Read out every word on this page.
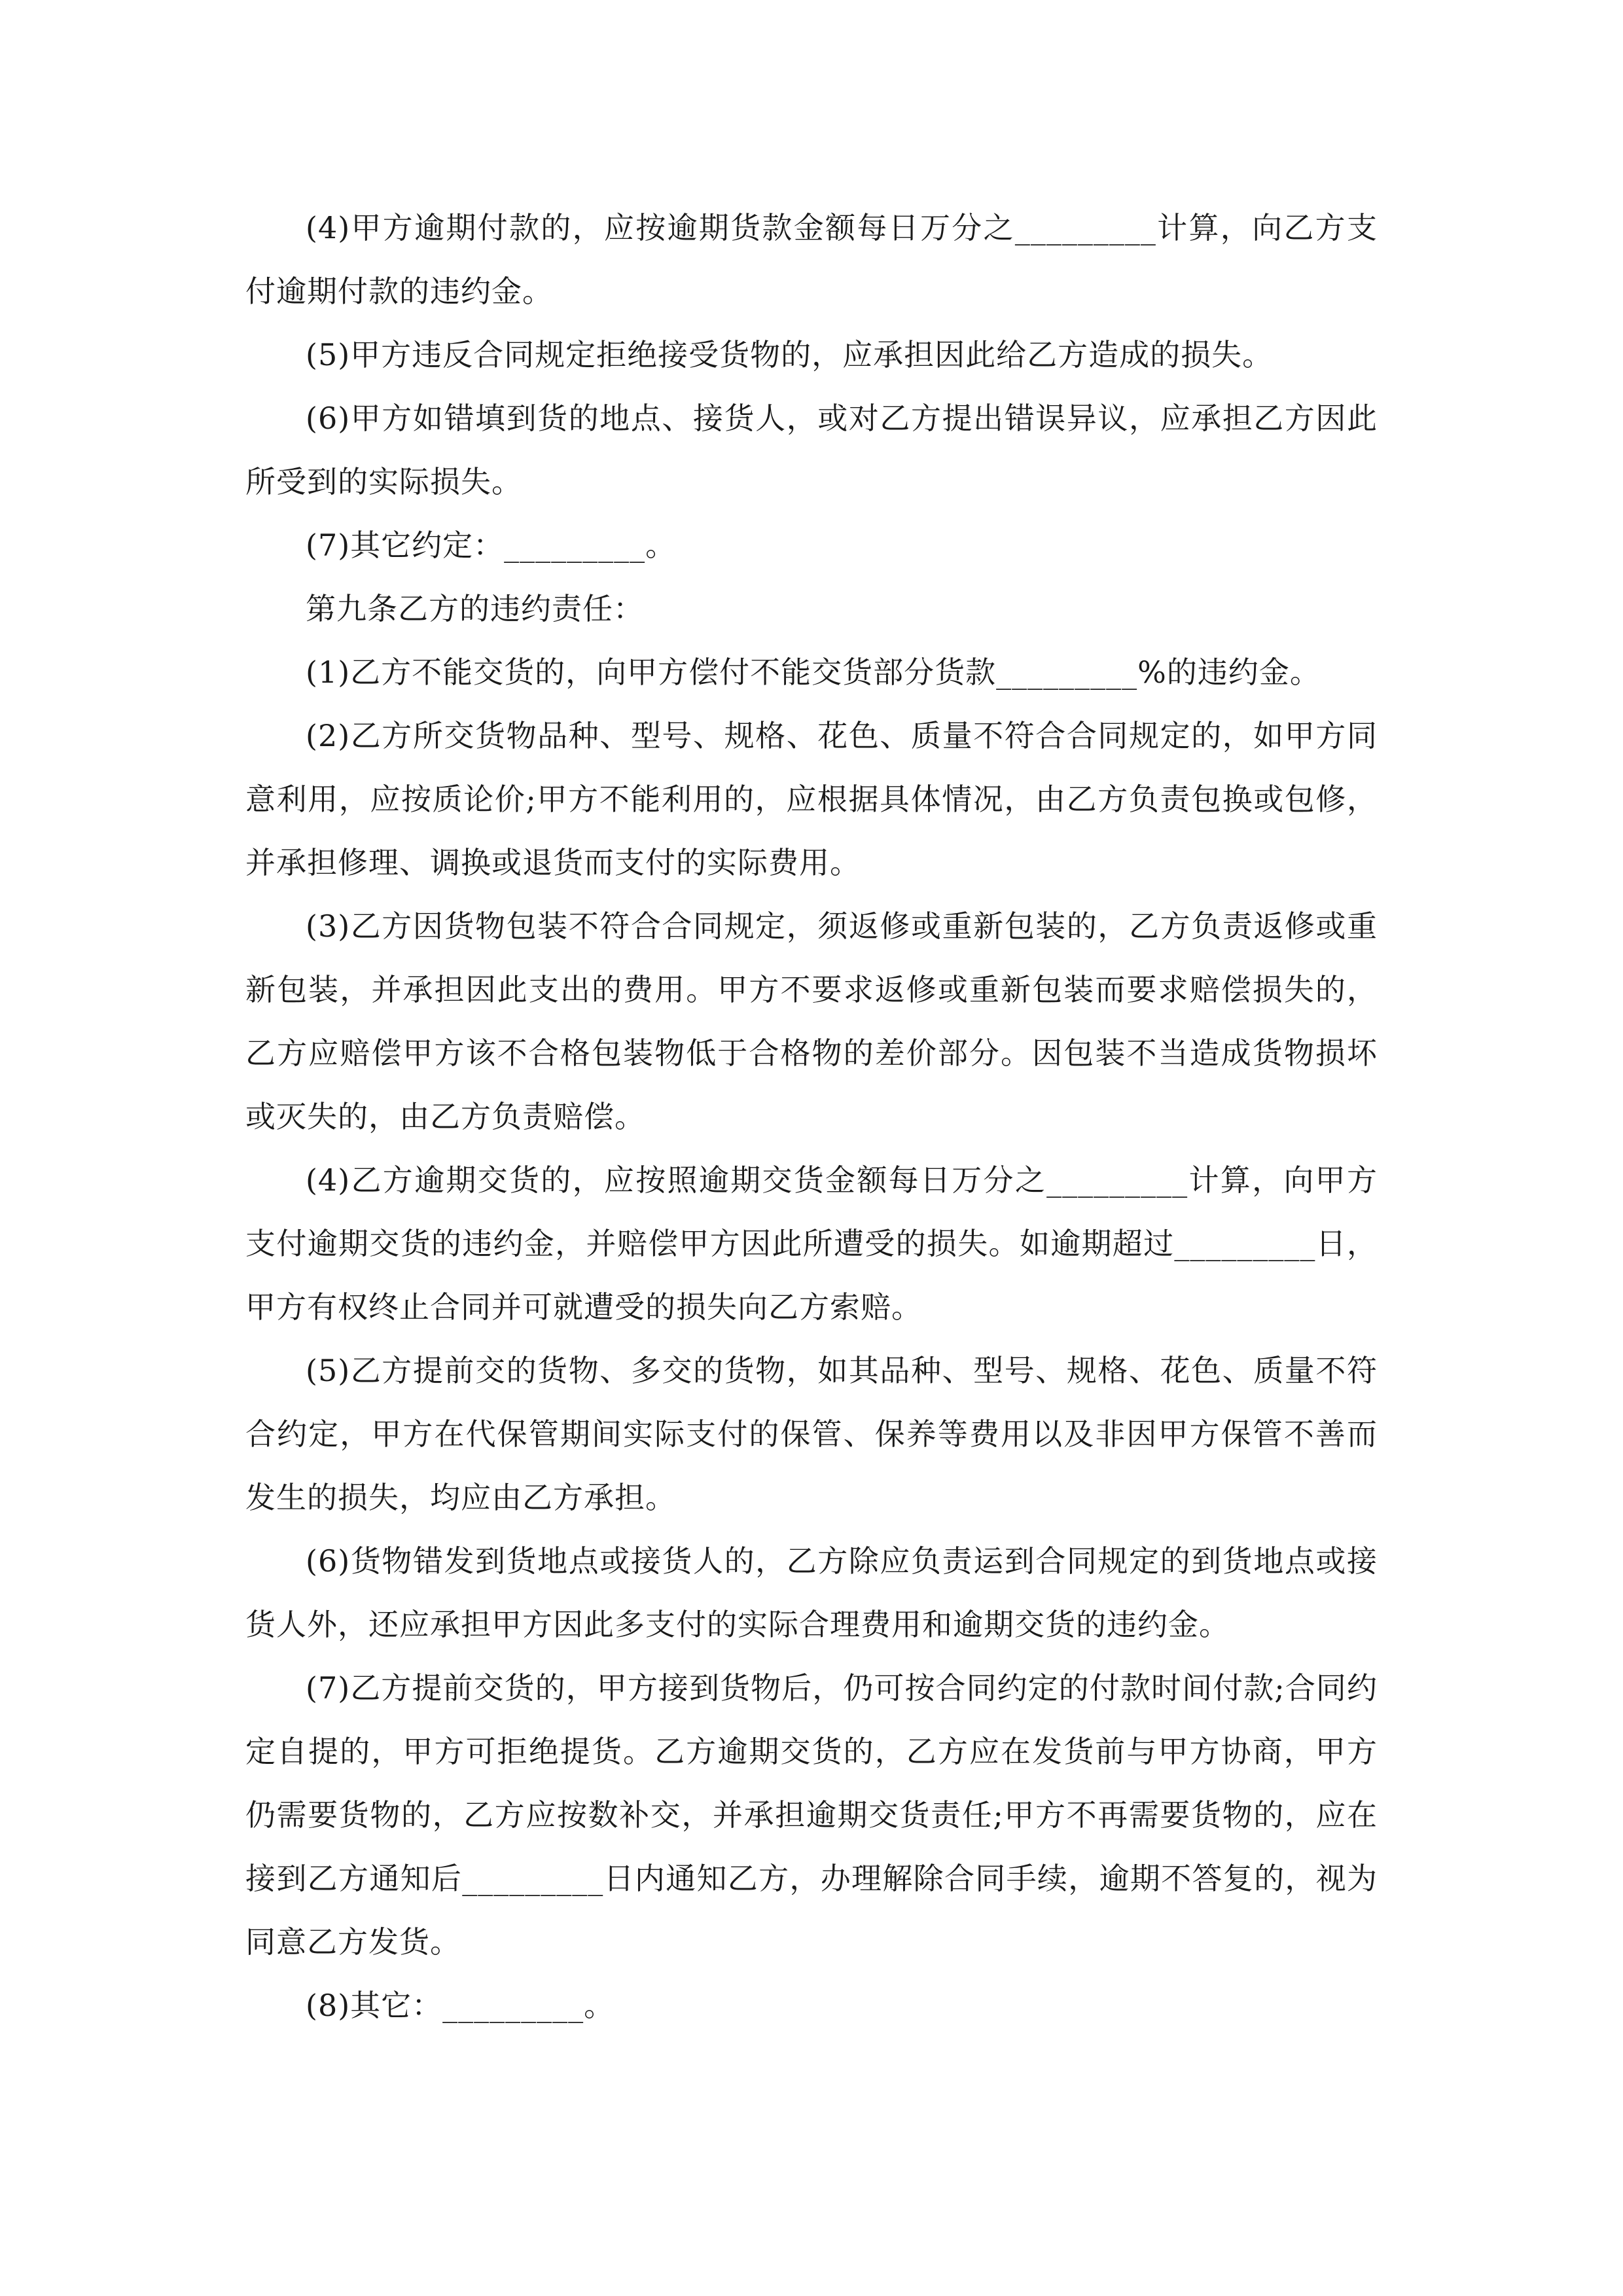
(4)甲方逾期付款的，应按逾期货款金额每日万分之_________计算，向乙方支付逾期付款的违约金。

(5)甲方违反合同规定拒绝接受货物的，应承担因此给乙方造成的损失。

(6)甲方如错填到货的地点、接货人，或对乙方提出错误异议，应承担乙方因此所受到的实际损失。

(7)其它约定：_________。

第九条乙方的违约责任：

(1)乙方不能交货的，向甲方偿付不能交货部分货款_________%的违约金。

(2)乙方所交货物品种、型号、规格、花色、质量不符合合同规定的，如甲方同意利用，应按质论价;甲方不能利用的，应根据具体情况，由乙方负责包换或包修，并承担修理、调换或退货而支付的实际费用。

(3)乙方因货物包装不符合合同规定，须返修或重新包装的，乙方负责返修或重新包装，并承担因此支出的费用。甲方不要求返修或重新包装而要求赔偿损失的，乙方应赔偿甲方该不合格包装物低于合格物的差价部分。因包装不当造成货物损坏或灭失的，由乙方负责赔偿。

(4)乙方逾期交货的，应按照逾期交货金额每日万分之_________计算，向甲方支付逾期交货的违约金，并赔偿甲方因此所遭受的损失。如逾期超过_________日，甲方有权终止合同并可就遭受的损失向乙方索赔。

(5)乙方提前交的货物、多交的货物，如其品种、型号、规格、花色、质量不符合约定，甲方在代保管期间实际支付的保管、保养等费用以及非因甲方保管不善而发生的损失，均应由乙方承担。

(6)货物错发到货地点或接货人的，乙方除应负责运到合同规定的到货地点或接货人外，还应承担甲方因此多支付的实际合理费用和逾期交货的违约金。

(7)乙方提前交货的，甲方接到货物后，仍可按合同约定的付款时间付款;合同约定自提的，甲方可拒绝提货。乙方逾期交货的，乙方应在发货前与甲方协商，甲方仍需要货物的，乙方应按数补交，并承担逾期交货责任;甲方不再需要货物的，应在接到乙方通知后_________日内通知乙方，办理解除合同手续，逾期不答复的，视为同意乙方发货。

(8)其它：_________。
